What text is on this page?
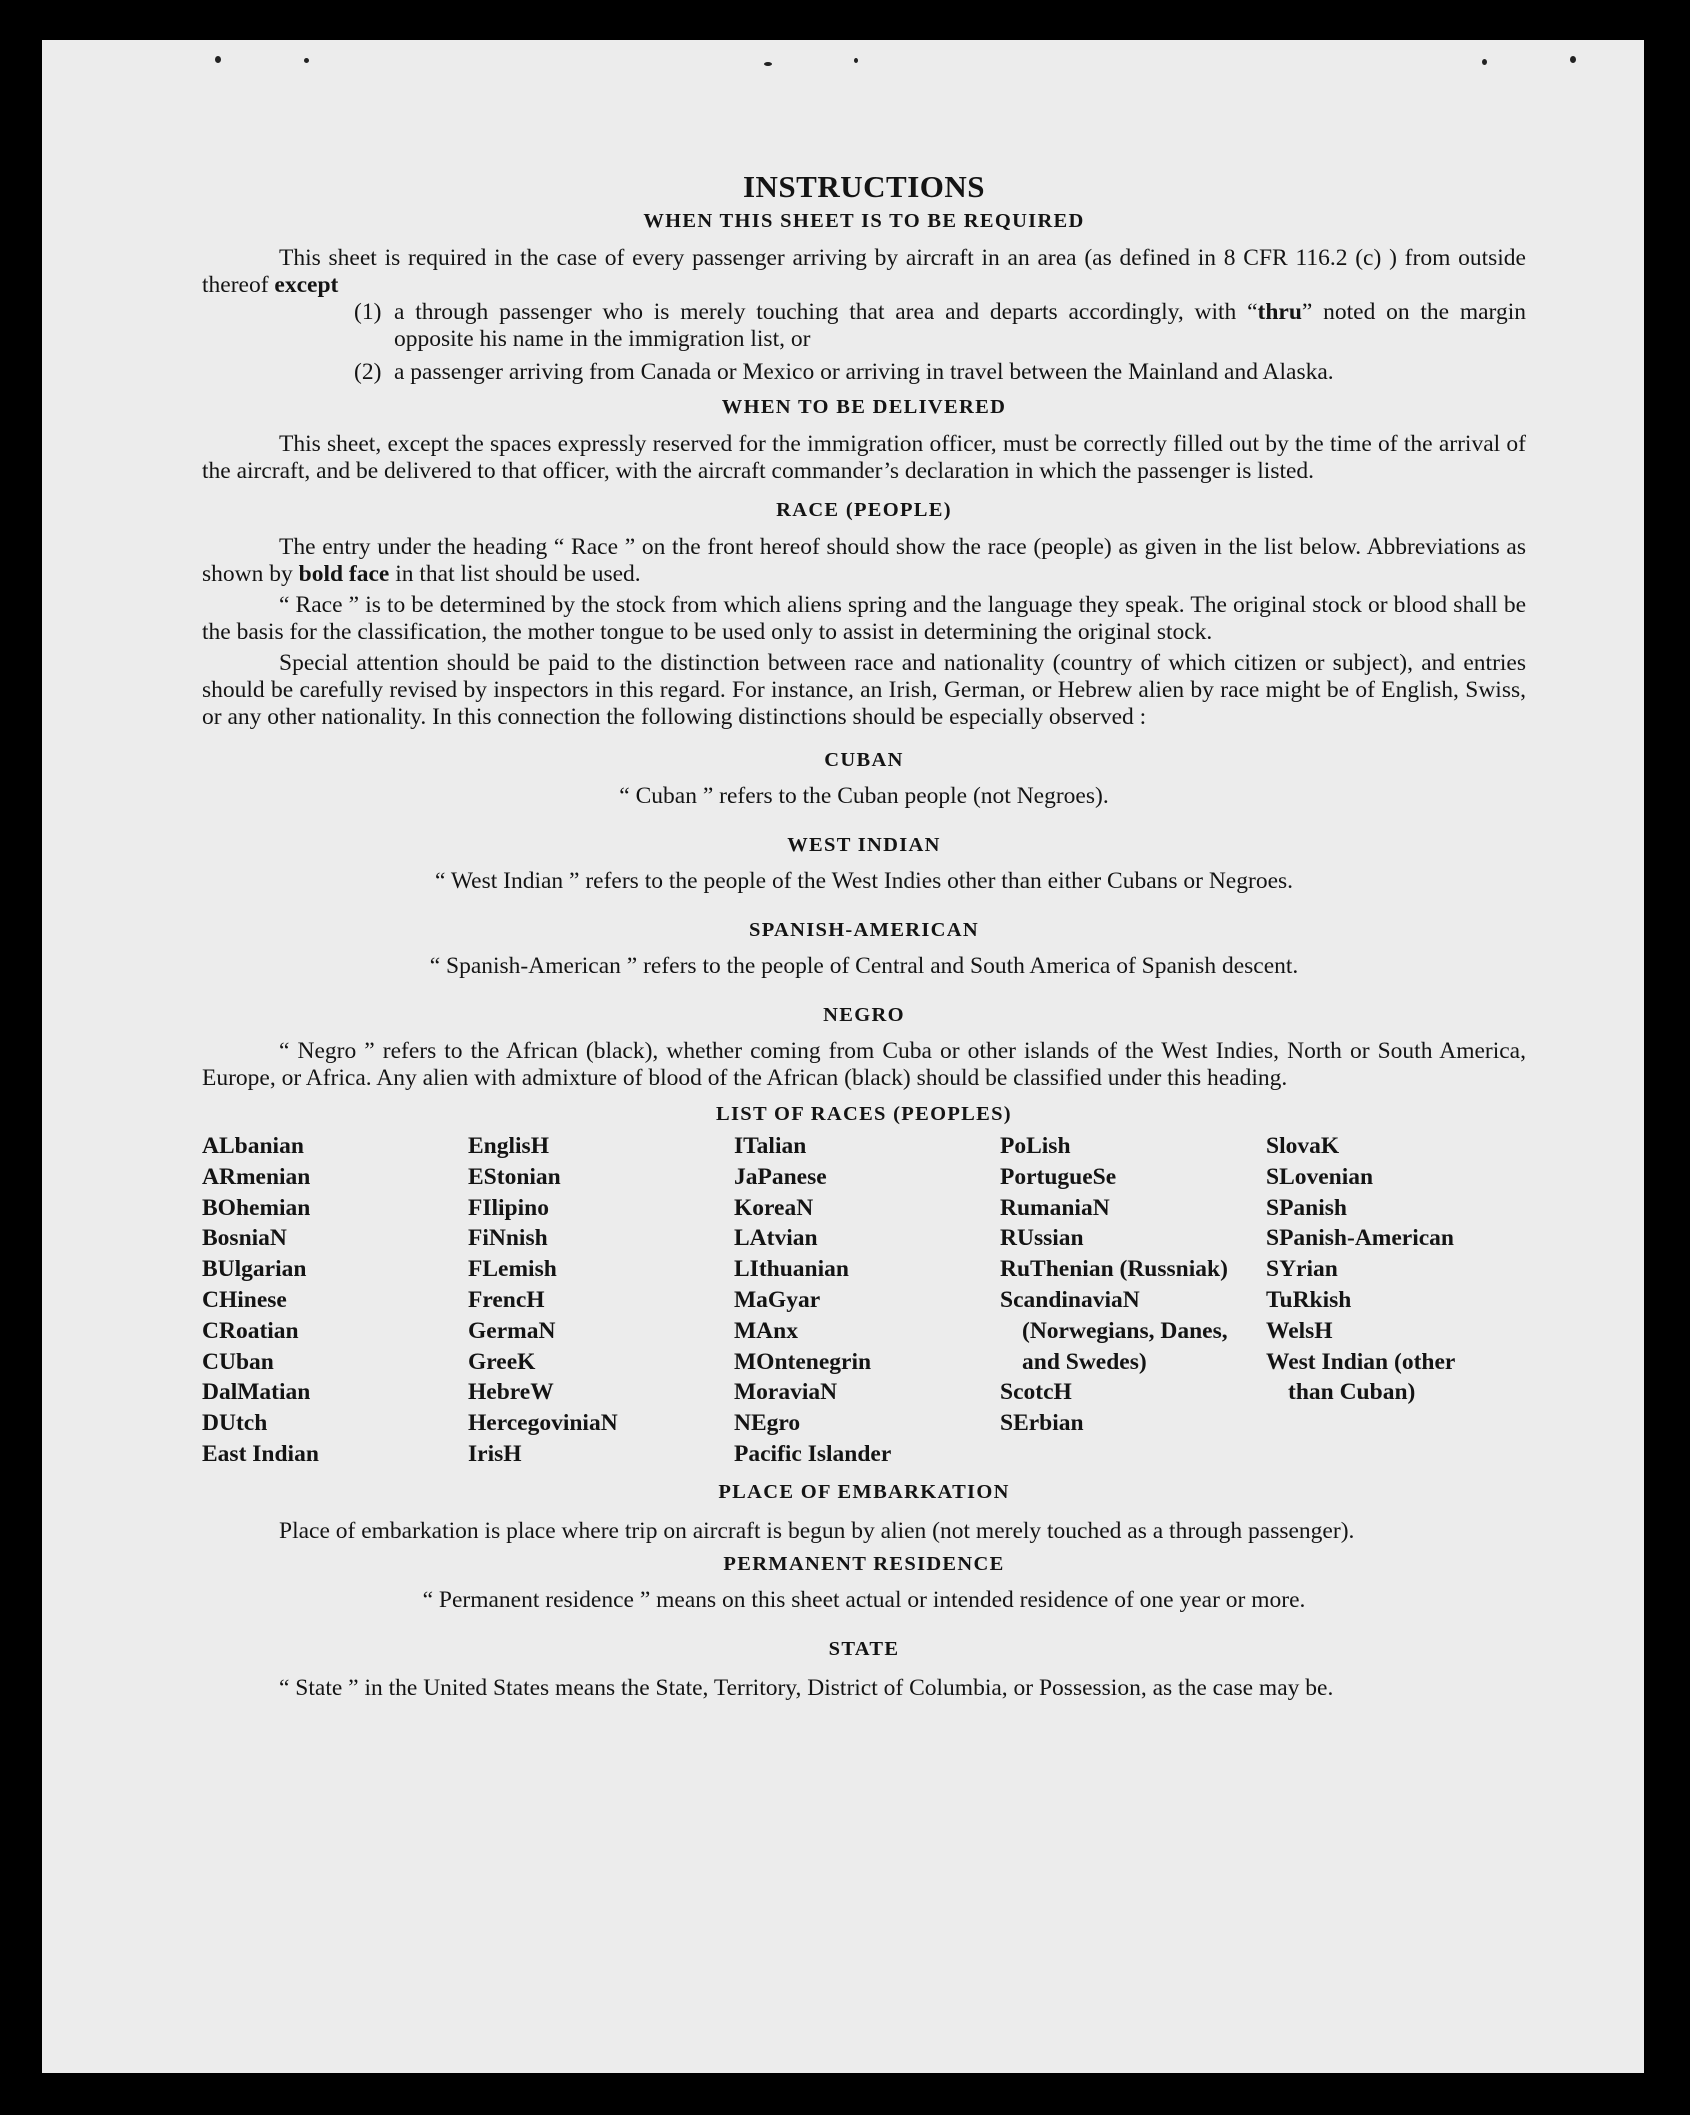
INSTRUCTIONS
WHEN THIS SHEET IS TO BE REQUIRED

This sheet is required in the case of every passenger arriving by aircraft in an area (as defined in 8 CFR 116.2 (c) ) from outside thereof except

(1) a through passenger who is merely touching that area and departs accordingly, with “thru” noted on the margin opposite his name in the immigration list, or
(2) a passenger arriving from Canada or Mexico or arriving in travel between the Mainland and Alaska.
WHEN TO BE DELIVERED

This sheet, except the spaces expressly reserved for the immigration officer, must be correctly filled out by the time of the arrival of the aircraft, and be delivered to that officer, with the aircraft commander’s declaration in which the passenger is listed.

RACE (PEOPLE)

The entry under the heading “ Race ” on the front hereof should show the race (people) as given in the list below. Abbreviations as shown by bold face in that list should be used.

“ Race ” is to be determined by the stock from which aliens spring and the language they speak. The original stock or blood shall be the basis for the classification, the mother tongue to be used only to assist in determining the original stock.

Special attention should be paid to the distinction between race and nationality (country of which citizen or subject), and entries should be carefully revised by inspectors in this regard. For instance, an Irish, German, or Hebrew alien by race might be of English, Swiss, or any other nationality. In this connection the following distinctions should be especially observed :

CUBAN

“ Cuban ” refers to the Cuban people (not Negroes).

WEST INDIAN

“ West Indian ” refers to the people of the West Indies other than either Cubans or Negroes.

SPANISH-AMERICAN

“ Spanish-American ” refers to the people of Central and South America of Spanish descent.

NEGRO

“ Negro ” refers to the African (black), whether coming from Cuba or other islands of the West Indies, North or South America, Europe, or Africa. Any alien with admixture of blood of the African (black) should be classified under this heading.

LIST OF RACES (PEOPLES)
ALbanian
ARmenian
BOhemian
BosniaN
BUlgarian
CHinese
CRoatian
CUban
DalMatian
DUtch
East Indian
EnglisH
EStonian
FIlipino
FiNnish
FLemish
FrencH
GermaN
GreeK
HebreW
HercegoviniaN
IrisH
ITalian
JaPanese
KoreaN
LAtvian
LIthuanian
MaGyar
MAnx
MOntenegrin
MoraviaN
NEgro
Pacific Islander
PoLish
PortugueSe
RumaniaN
RUssian
RuThenian (Russniak)
ScandinaviaN (Norwegians, Danes, and Swedes)
ScotcH
SErbian
SlovaK
SLovenian
SPanish
SPanish-American
SYrian
TuRkish
WelsH
West Indian (other than Cuban)
PLACE OF EMBARKATION

Place of embarkation is place where trip on aircraft is begun by alien (not merely touched as a through passenger).

PERMANENT RESIDENCE

“ Permanent residence ” means on this sheet actual or intended residence of one year or more.

STATE

“ State ” in the United States means the State, Territory, District of Columbia, or Possession, as the case may be.
